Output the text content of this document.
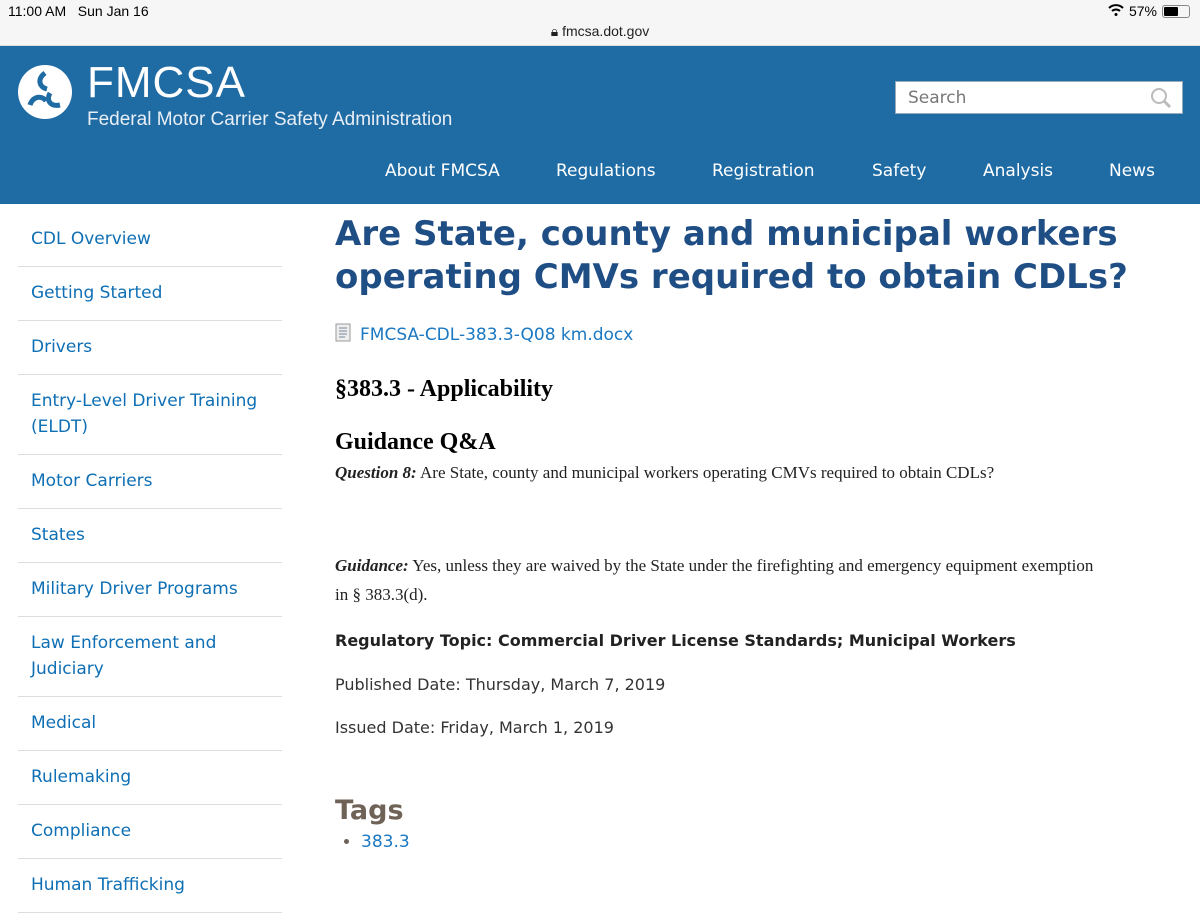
11:00 AM Sun Jan 16	57%
🔒︎ fmcsa.dot.gov
FMCSA
Federal Motor Carrier Safety Administration
Search
About FMCSA	Regulations	Registration	Safety	Analysis	News
CDL Overview
Getting Started
Drivers
Entry-Level Driver Training (ELDT)
Motor Carriers
States
Military Driver Programs
Law Enforcement and Judiciary
Medical
Rulemaking
Compliance
Human Trafficking
Are State, county and municipal workers operating CMVs required to obtain CDLs?
FMCSA-CDL-383.3-Q08 km.docx
§383.3 - Applicability
Guidance Q&A

Question 8: Are State, county and municipal workers operating CMVs required to obtain CDLs?

Guidance: Yes, unless they are waived by the State under the firefighting and emergency equipment exemption in § 383.3(d).

Regulatory Topic: Commercial Driver License Standards; Municipal Workers

Published Date: Thursday, March 7, 2019

Issued Date: Friday, March 1, 2019

Tags
• 383.3
